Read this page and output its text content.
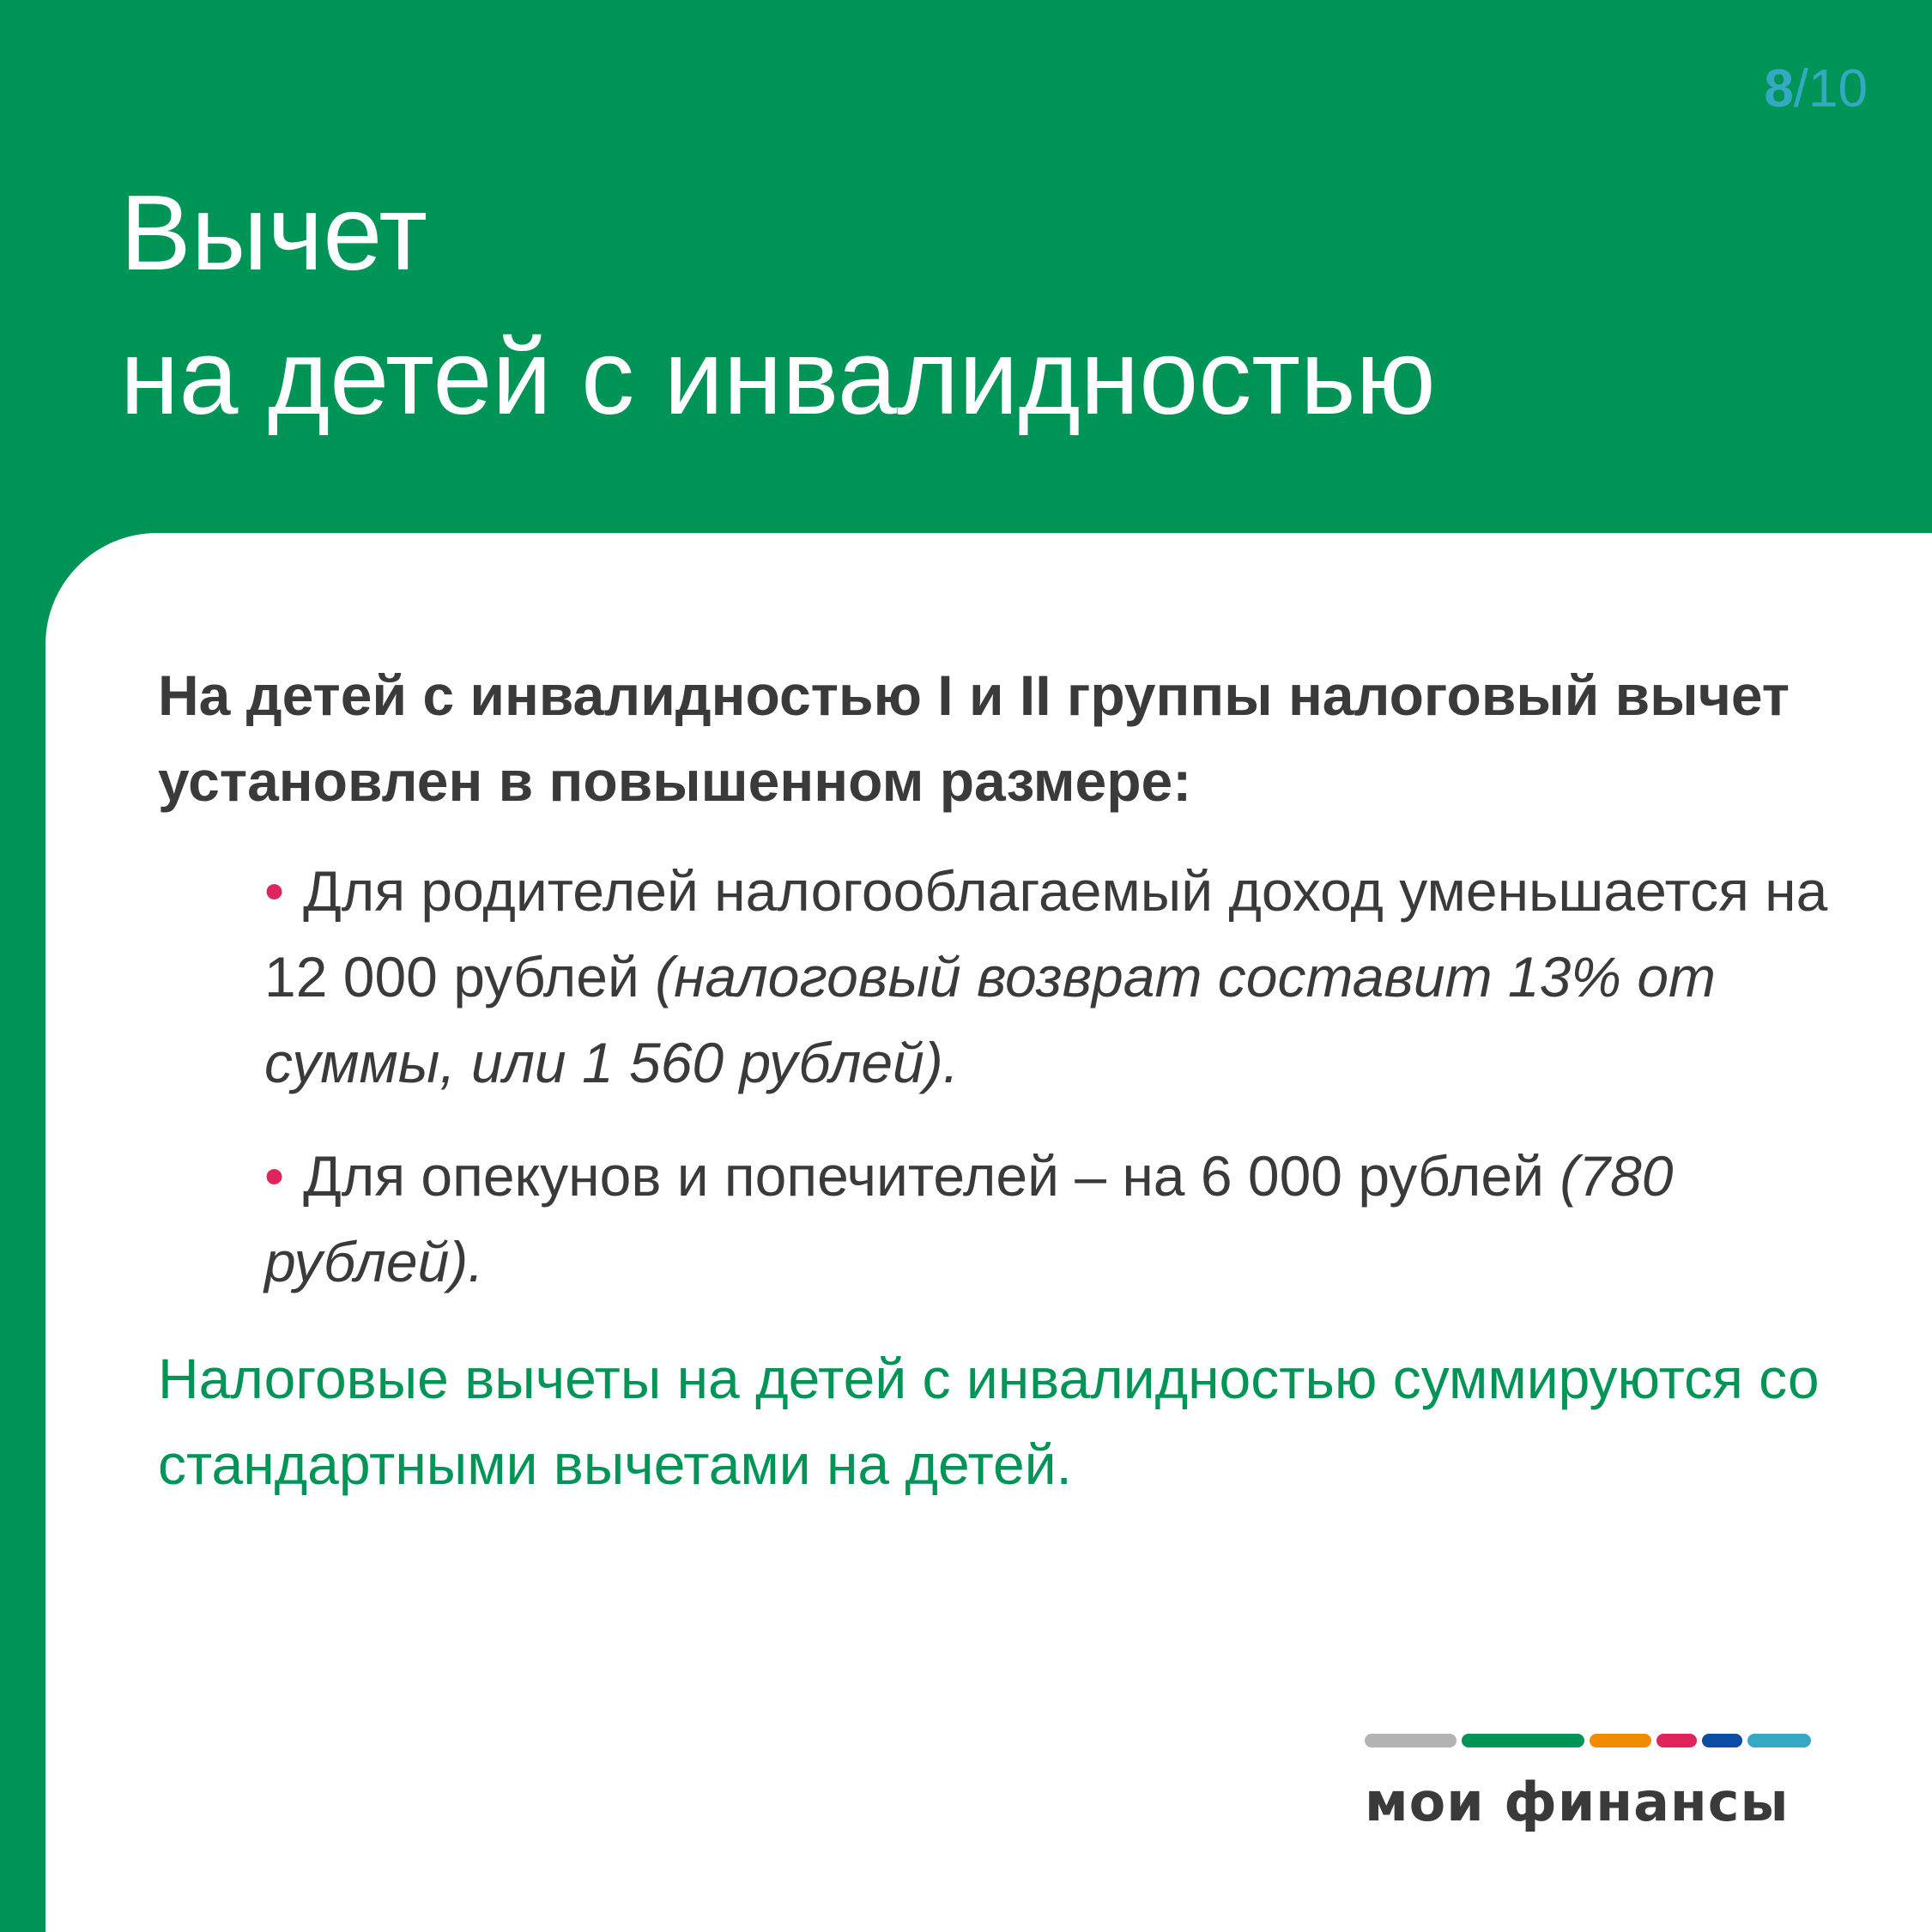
8/10
Вычет
на детей с инвалидностью

На детей с инвалидностью I и II группы налоговый вычет установлен в повышенном размере:

• Для родителей налогооблагаемый доход уменьшается на 12 000 рублей (налоговый возврат составит 13% от суммы, или 1 560 рублей).
• Для опекунов и попечителей – на 6 000 рублей (780 рублей).

Налоговые вычеты на детей с инвалидностью суммируются со стандартными вычетами на детей.

мои финансы
